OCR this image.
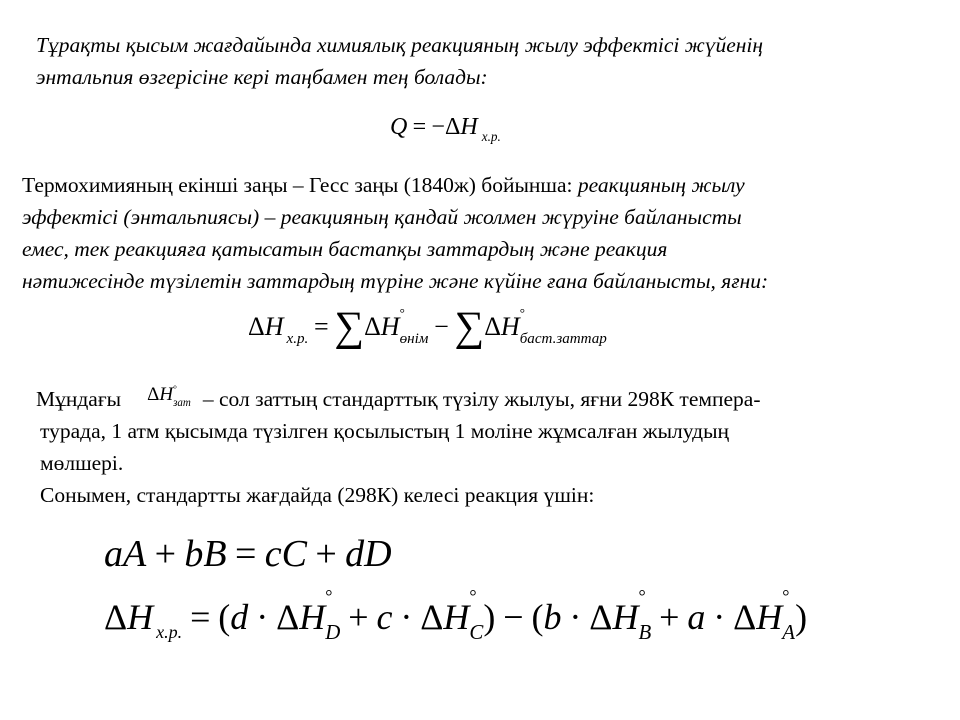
Тұрақты қысым жағдайында химиялық реакцияның жылу эффектісі жүйенің
энтальпия өзгерісіне кері таңбамен тең болады:
Q = −ΔH $_{х.р.}$
Термохимияның екінші заңы – Гесс заңы (1840ж) бойынша: реакцияның жылу
эффектісі (энтальпиясы) – реакцияның қандай жолмен жүруіне байланысты
емес, тек реакцияға қатысатын бастапқы заттардың және реакция
нәтижесінде түзілетін заттардың түріне және күйіне ғана байланысты, яғни:
ΔH $_{х.р.}$ = ∑ΔH °
$_{өнім}$ − ∑ΔH °
$_{баст.заттар}$
Мұндағы ΔH °
$_{зат}$ – сол заттың стандарттық түзілу жылуы, яғни 298К темпера-
турада, 1 атм қысымда түзілген қосылыстың 1 моліне жұмсалған жылудың
мөлшері.
Сонымен, стандартты жағдайда (298К) келесі реакция үшін:
aA + bB = cC + dD
ΔH $_{х.р.}$ = (d · ΔH
°
$_D$ + c · ΔH
°
$_C$) − (b · ΔH
°
$_B$ + a · ΔH
°
$_A$)
